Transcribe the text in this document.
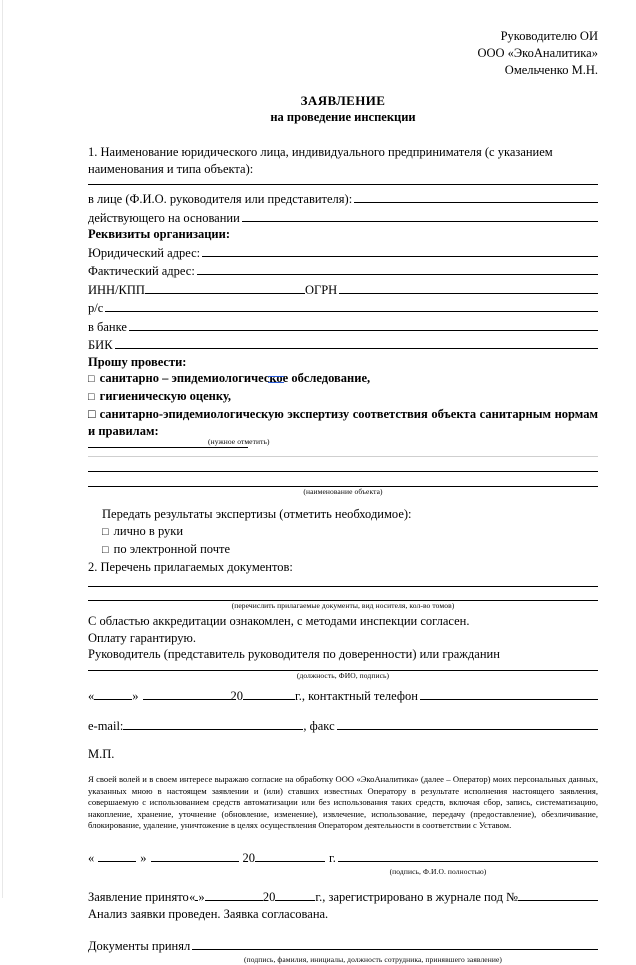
Руководителю ОИ
ООО «ЭкоАналитика»
Омельченко М.Н.
ЗАЯВЛЕНИЕ
на проведение инспекции
1. Наименование юридического лица, индивидуального предпринимателя (с указанием
наименования и типа объекта):
в лице (Ф.И.О. руководителя или представителя):
действующего на основании
Реквизиты организации:
Юридический адрес:
Фактический адрес:
ИНН/КПП	ОГРН
р/с
в банке
БИК
Прошу провести:
□ санитарно – эпидемиологическое обследование,
□ гигиеническую оценку,
□ санитарно-эпидемиологическую экспертизу соответствия объекта санитарным нормам и правилам:
(нужное отметить)
(наименование объекта)
Передать результаты экспертизы (отметить необходимое):
□ лично в руки
□ по электронной почте
2. Перечень прилагаемых документов:
(перечислить прилагаемые документы, вид носителя, кол-во томов)
С областью аккредитации ознакомлен, с методами инспекции согласен.
Оплату гарантирую.
Руководитель (представитель руководителя по доверенности) или гражданин
(должность, ФИО, подпись)
«	»	20	г., контактный телефон
e-mail:	, факс
М.П.
Я своей волей и в своем интересе выражаю согласие на обработку ООО «ЭкоАналитика» (далее – Оператор) моих персональных данных, указанных мною в настоящем заявлении и (или) ставших известных Оператору в результате исполнения настоящего заявления, совершаемую с использованием средств автоматизации или без использования таких средств, включая сбор, запись, систематизацию, накопление, хранение, уточнение (обновление, изменение), извлечение, использование, передачу (предоставление), обезличивание, блокирование, удаление, уничтожение в целях осуществления Оператором деятельности в соответствии с Уставом.
«	»	20	г.
(подпись, Ф.И.О. полностью)
Заявление принято « »	20	г., зарегистрировано в журнале под №
Анализ заявки проведен. Заявка согласована.
Документы принял
(подпись, фамилия, инициалы, должность сотрудника, принявшего заявление)
